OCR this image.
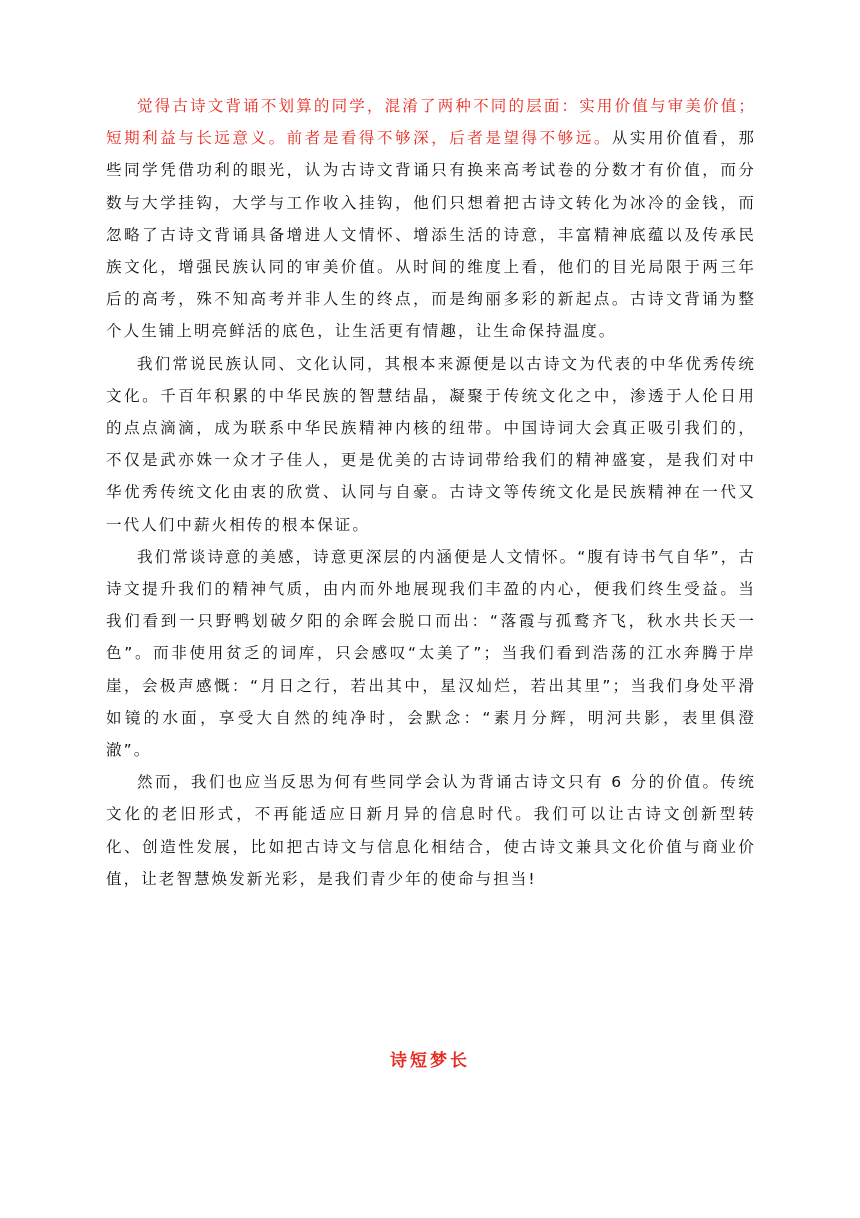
觉得古诗文背诵不划算的同学，混淆了两种不同的层面：实用价值与审美价值；短期利益与长远意义。前者是看得不够深，后者是望得不够远。从实用价值看，那些同学凭借功利的眼光，认为古诗文背诵只有换来高考试卷的分数才有价值，而分数与大学挂钩，大学与工作收入挂钩，他们只想着把古诗文转化为冰冷的金钱，而忽略了古诗文背诵具备增进人文情怀、增添生活的诗意，丰富精神底蕴以及传承民族文化，增强民族认同的审美价值。从时间的维度上看，他们的目光局限于两三年后的高考，殊不知高考并非人生的终点，而是绚丽多彩的新起点。古诗文背诵为整个人生铺上明亮鲜活的底色，让生活更有情趣，让生命保持温度。

我们常说民族认同、文化认同，其根本来源便是以古诗文为代表的中华优秀传统文化。千百年积累的中华民族的智慧结晶，凝聚于传统文化之中，渗透于人伦日用的点点滴滴，成为联系中华民族精神内核的纽带。中国诗词大会真正吸引我们的，不仅是武亦姝一众才子佳人，更是优美的古诗词带给我们的精神盛宴，是我们对中华优秀传统文化由衷的欣赏、认同与自豪。古诗文等传统文化是民族精神在一代又一代人们中薪火相传的根本保证。

我们常谈诗意的美感，诗意更深层的内涵便是人文情怀。“腹有诗书气自华”，古诗文提升我们的精神气质，由内而外地展现我们丰盈的内心，便我们终生受益。当我们看到一只野鸭划破夕阳的余晖会脱口而出：“落霞与孤鹜齐飞，秋水共长天一色”。而非使用贫乏的词库，只会感叹“太美了”；当我们看到浩荡的江水奔腾于岸崖，会极声感慨：“月日之行，若出其中，星汉灿烂，若出其里”；当我们身处平滑如镜的水面，享受大自然的纯净时，会默念：“素月分辉，明河共影，表里俱澄澈”。

然而，我们也应当反思为何有些同学会认为背诵古诗文只有 6 分的价值。传统文化的老旧形式，不再能适应日新月异的信息时代。我们可以让古诗文创新型转化、创造性发展，比如把古诗文与信息化相结合，使古诗文兼具文化价值与商业价值，让老智慧焕发新光彩，是我们青少年的使命与担当!

诗短梦长
